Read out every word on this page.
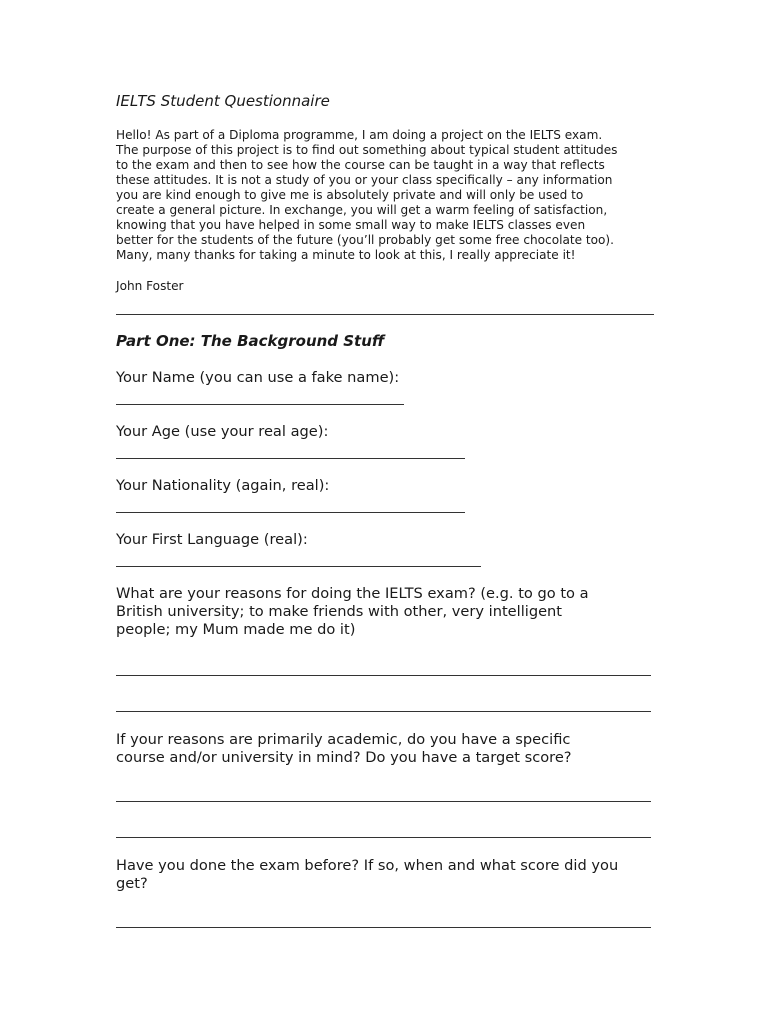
IELTS Student Questionnaire

Hello! As part of a Diploma programme, I am doing a project on the IELTS exam.
The purpose of this project is to find out something about typical student attitudes
to the exam and then to see how the course can be taught in a way that reflects
these attitudes. It is not a study of you or your class specifically – any information
you are kind enough to give me is absolutely private and will only be used to
create a general picture. In exchange, you will get a warm feeling of satisfaction,
knowing that you have helped in some small way to make IELTS classes even
better for the students of the future (you’ll probably get some free chocolate too).
Many, many thanks for taking a minute to look at this, I really appreciate it!

John Foster

Part One: The Background Stuff

Your Name (you can use a fake name):

Your Age (use your real age):

Your Nationality (again, real):

Your First Language (real):

What are your reasons for doing the IELTS exam? (e.g. to go to a
British university; to make friends with other, very intelligent
people; my Mum made me do it)

If your reasons are primarily academic, do you have a specific
course and/or university in mind? Do you have a target score?

Have you done the exam before? If so, when and what score did you
get?
